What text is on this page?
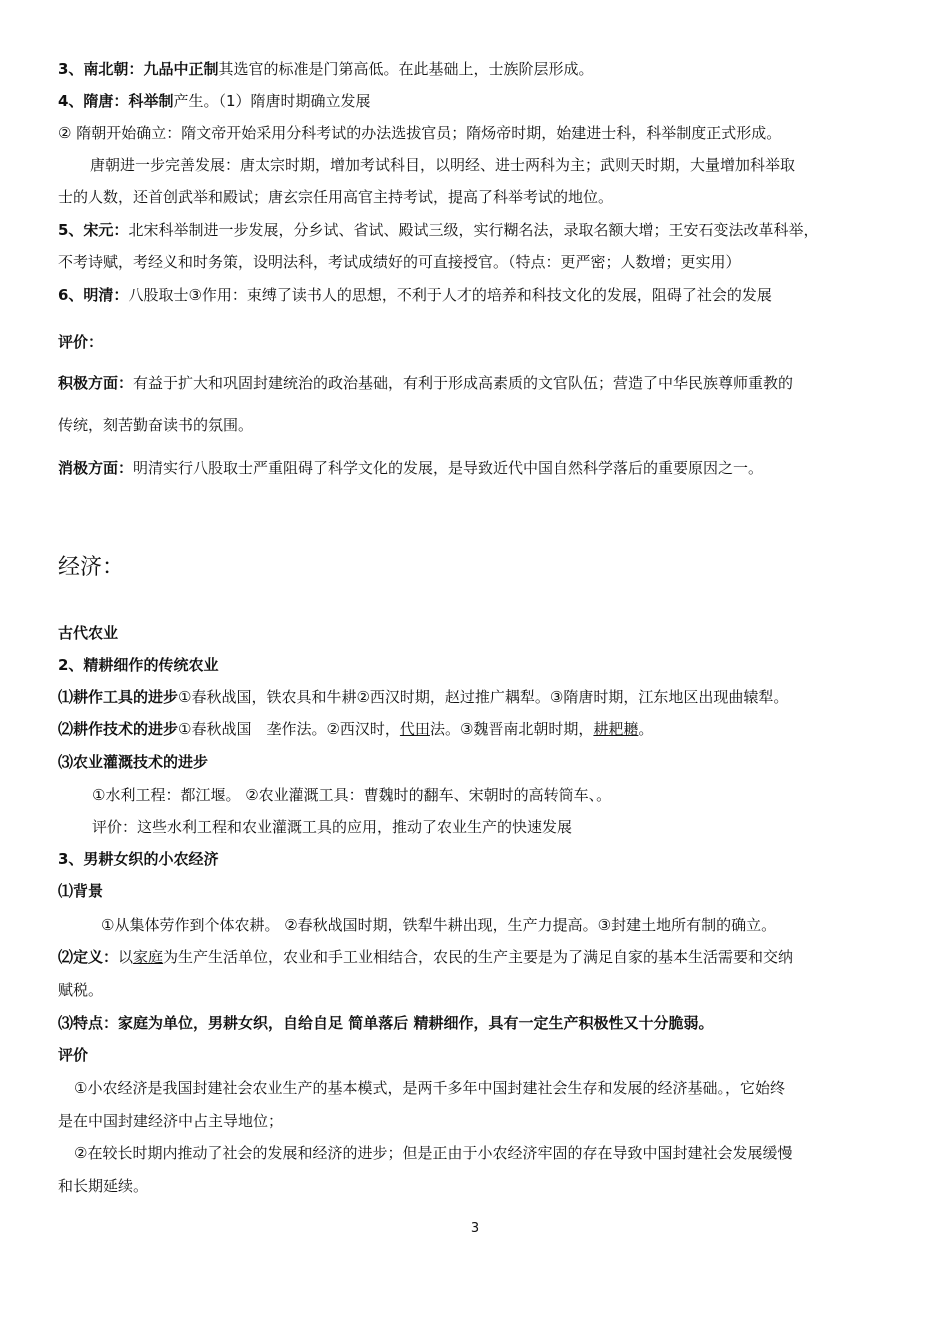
3、南北朝：九品中正制其选官的标准是门第高低。在此基础上，士族阶层形成。
4、隋唐：科举制产生。（1）隋唐时期确立发展
② 隋朝开始确立：隋文帝开始采用分科考试的办法选拔官员；隋炀帝时期，始建进士科，科举制度正式形成。
唐朝进一步完善发展：唐太宗时期，增加考试科目，以明经、进士两科为主；武则天时期，大量增加科举取
士的人数，还首创武举和殿试；唐玄宗任用高官主持考试，提高了科举考试的地位。
5、宋元：北宋科举制进一步发展，分乡试、省试、殿试三级，实行糊名法，录取名额大增；王安石变法改革科举，
不考诗赋，考经义和时务策，设明法科，考试成绩好的可直接授官。（特点：更严密；人数增；更实用）
6、明清：八股取士③作用：束缚了读书人的思想，不利于人才的培养和科技文化的发展，阻碍了社会的发展
评价：
积极方面：有益于扩大和巩固封建统治的政治基础，有利于形成高素质的文官队伍；营造了中华民族尊师重教的
传统，刻苦勤奋读书的氛围。
消极方面：明清实行八股取士严重阻碍了科学文化的发展，是导致近代中国自然科学落后的重要原因之一。
经济：
古代农业
2、精耕细作的传统农业
⑴耕作工具的进步①春秋战国，铁农具和牛耕②西汉时期，赵过推广耦犁。③隋唐时期，江东地区出现曲辕犁。
⑵耕作技术的进步①春秋战国　垄作法。②西汉时，代田法。③魏晋南北朝时期，耕耙耱。
⑶农业灌溉技术的进步
①水利工程：都江堰。 ②农业灌溉工具：曹魏时的翻车、宋朝时的高转筒车、。
评价：这些水利工程和农业灌溉工具的应用，推动了农业生产的快速发展
3、男耕女织的小农经济
⑴背景
①从集体劳作到个体农耕。 ②春秋战国时期，铁犁牛耕出现，生产力提高。③封建土地所有制的确立。
⑵定义：以家庭为生产生活单位，农业和手工业相结合，农民的生产主要是为了满足自家的基本生活需要和交纳
赋税。
⑶特点：家庭为单位，男耕女织，自给自足 简单落后 精耕细作，具有一定生产积极性又十分脆弱。
评价
①小农经济是我国封建社会农业生产的基本模式，是两千多年中国封建社会生存和发展的经济基础。，它始终
是在中国封建经济中占主导地位；
②在较长时期内推动了社会的发展和经济的进步；但是正由于小农经济牢固的存在导致中国封建社会发展缓慢
和长期延续。
3
